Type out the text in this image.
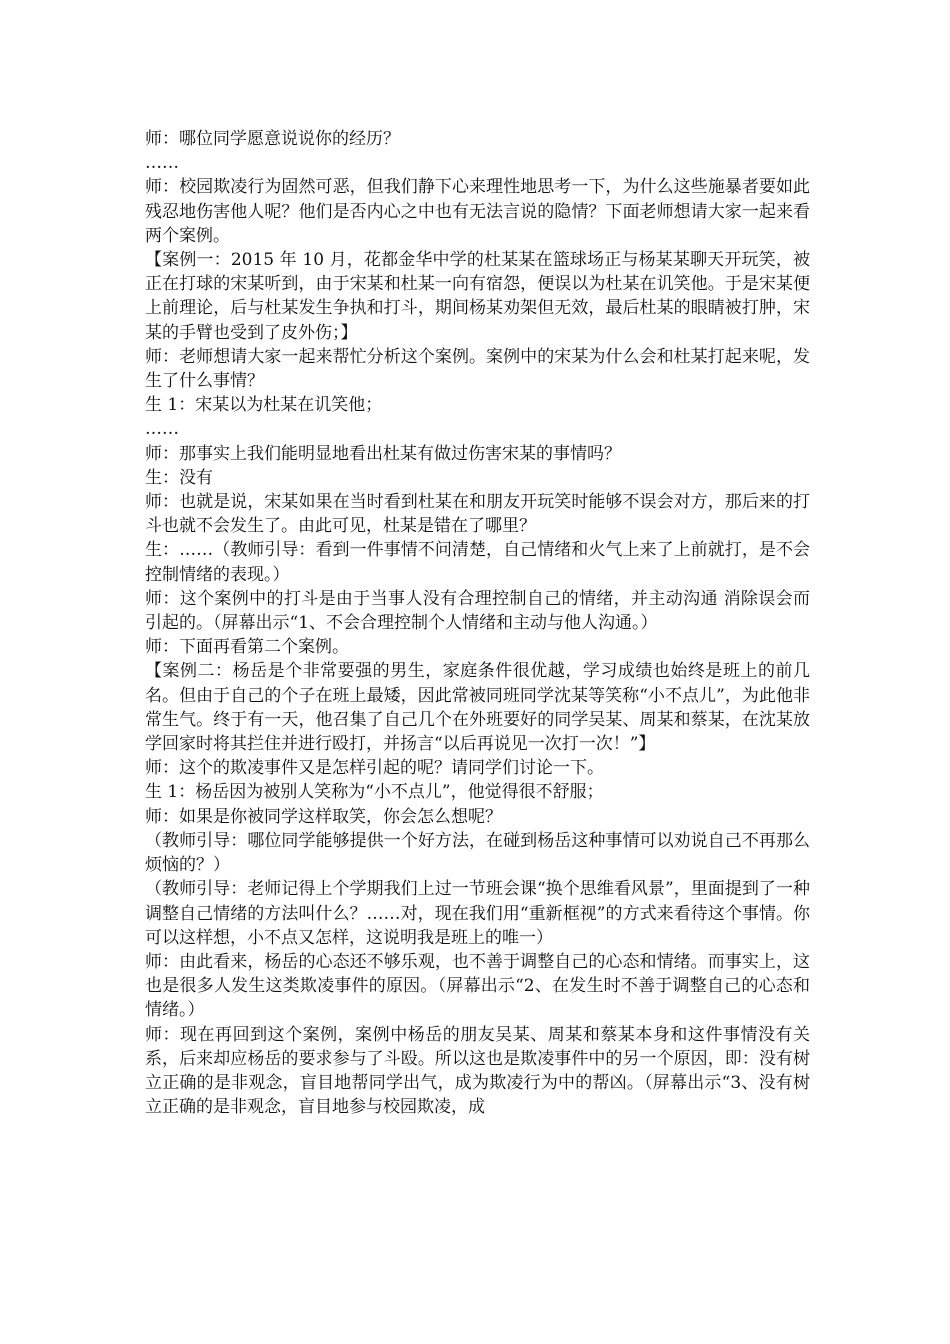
师：哪位同学愿意说说你的经历？

……

师：校园欺凌行为固然可恶，但我们静下心来理性地思考一下，为什么这些施暴者要如此残忍地伤害他人呢？他们是否内心之中也有无法言说的隐情？下面老师想请大家一起来看两个案例。

【案例一：2015 年 10 月，花都金华中学的杜某某在篮球场正与杨某某聊天开玩笑，被正在打球的宋某听到，由于宋某和杜某一向有宿怨，便误以为杜某在讥笑他。于是宋某便上前理论，后与杜某发生争执和打斗，期间杨某劝架但无效，最后杜某的眼睛被打肿，宋某的手臂也受到了皮外伤；】

师：老师想请大家一起来帮忙分析这个案例。案例中的宋某为什么会和杜某打起来呢，发生了什么事情？

生 1：宋某以为杜某在讥笑他；

……

师：那事实上我们能明显地看出杜某有做过伤害宋某的事情吗？

生：没有

师：也就是说，宋某如果在当时看到杜某在和朋友开玩笑时能够不误会对方，那后来的打斗也就不会发生了。由此可见，杜某是错在了哪里？

生：……（教师引导：看到一件事情不问清楚，自己情绪和火气上来了上前就打，是不会控制情绪的表现。）

师：这个案例中的打斗是由于当事人没有合理控制自己的情绪，并主动沟通 消除误会而引起的。（屏幕出示“1、不会合理控制个人情绪和主动与他人沟通。）

师：下面再看第二个案例。

【案例二：杨岳是个非常要强的男生，家庭条件很优越，学习成绩也始终是班上的前几名。但由于自己的个子在班上最矮，因此常被同班同学沈某等笑称“小不点儿”，为此他非常生气。终于有一天，他召集了自己几个在外班要好的同学吴某、周某和蔡某，在沈某放学回家时将其拦住并进行殴打，并扬言“以后再说见一次打一次！”】

师：这个的欺凌事件又是怎样引起的呢？请同学们讨论一下。

生 1：杨岳因为被别人笑称为“小不点儿”，他觉得很不舒服；

师：如果是你被同学这样取笑，你会怎么想呢？

（教师引导：哪位同学能够提供一个好方法，在碰到杨岳这种事情可以劝说自己不再那么烦恼的？）

（教师引导：老师记得上个学期我们上过一节班会课“换个思维看风景”，里面提到了一种调整自己情绪的方法叫什么？……对，现在我们用“重新框视”的方式来看待这个事情。你可以这样想，小不点又怎样，这说明我是班上的唯一）

师：由此看来，杨岳的心态还不够乐观，也不善于调整自己的心态和情绪。而事实上，这也是很多人发生这类欺凌事件的原因。（屏幕出示“2、在发生时不善于调整自己的心态和情绪。）

师：现在再回到这个案例，案例中杨岳的朋友吴某、周某和蔡某本身和这件事情没有关系，后来却应杨岳的要求参与了斗殴。所以这也是欺凌事件中的另一个原因，即：没有树立正确的是非观念，盲目地帮同学出气，成为欺凌行为中的帮凶。（屏幕出示“3、没有树立正确的是非观念，盲目地参与校园欺凌，成
